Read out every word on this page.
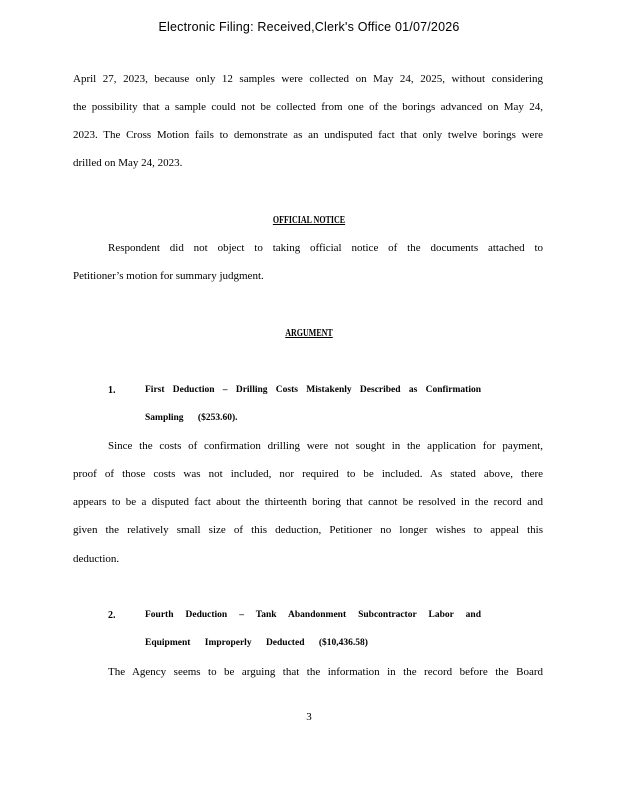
Electronic Filing: Received,Clerk's Office 01/07/2026
April 27, 2023, because only 12 samples were collected on May 24, 2025, without considering
the possibility that a sample could not be collected from one of the borings advanced on May 24,
2023. The Cross Motion fails to demonstrate as an undisputed fact that only twelve borings were
drilled on May 24, 2023.
OFFICIAL NOTICE
Respondent did not object to taking official notice of the documents attached to
Petitioner’s motion for summary judgment.
ARGUMENT
1.	First Deduction – Drilling Costs Mistakenly Described as Confirmation
Sampling ($253.60).
Since the costs of confirmation drilling were not sought in the application for payment,
proof of those costs was not included, nor required to be included. As stated above, there
appears to be a disputed fact about the thirteenth boring that cannot be resolved in the record and
given the relatively small size of this deduction, Petitioner no longer wishes to appeal this
deduction.
2.	Fourth Deduction – Tank Abandonment Subcontractor Labor and
Equipment Improperly Deducted ($10,436.58)
The Agency seems to be arguing that the information in the record before the Board
3
